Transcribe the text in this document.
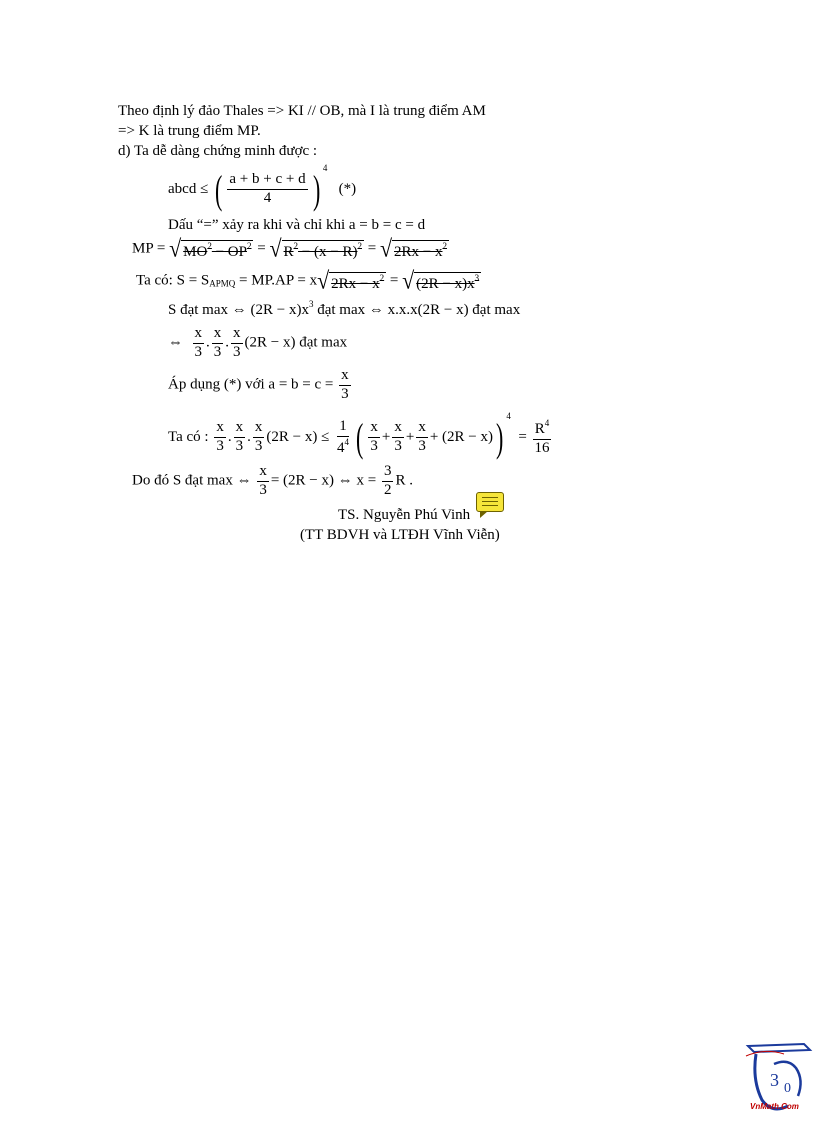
Theo định lý đảo Thales => KI // OB, mà I là trung điểm AM
=> K là trung điểm MP.
d) Ta dễ dàng chứng minh được :
abcd ≤ ( $\frac{a + b + c + d}{4}$ ) $^4$   (*)
Dấu “=” xảy ra khi và chỉ khi a = b = c = d
MP = √ $MO^2 - OP^2$ = √ $R^2 - (x - R)^2$ = √ $2Rx - x^2$
Ta có: $S = S_{APMQ} = MP.AP = x$ √ $2Rx - x^2$ = √ $(2R - x)x^3$
S đạt max ⇔ $(2R - x)x^3$ đạt max ⇔ x.x.x(2R − x) đạt max
⇔ $\frac{x}{3}$ . $\frac{x}{3}$ . $\frac{x}{3} (2R - x)$ đạt max
Áp dụng (*) với $a = b = c = \frac{x}{3}$
Ta có : $\frac{x}{3}$ . $\frac{x}{3}$ . $\frac{x}{3} (2R - x) \le \frac{1}{4^4}$ ( $\frac{x}{3} + \frac{x}{3} + \frac{x}{3} + (2R - x)$) $^4 = \frac{R^4}{16}$
Do đó S đạt max ⇔ $\frac{x}{3} = (2R - x)$ ⇔ $x = \frac{3}{2}$ R .
TS. Nguyễn Phú Vinh
(TT BDVH và LTĐH Vĩnh Viễn)
3 0
VnMath.Com
